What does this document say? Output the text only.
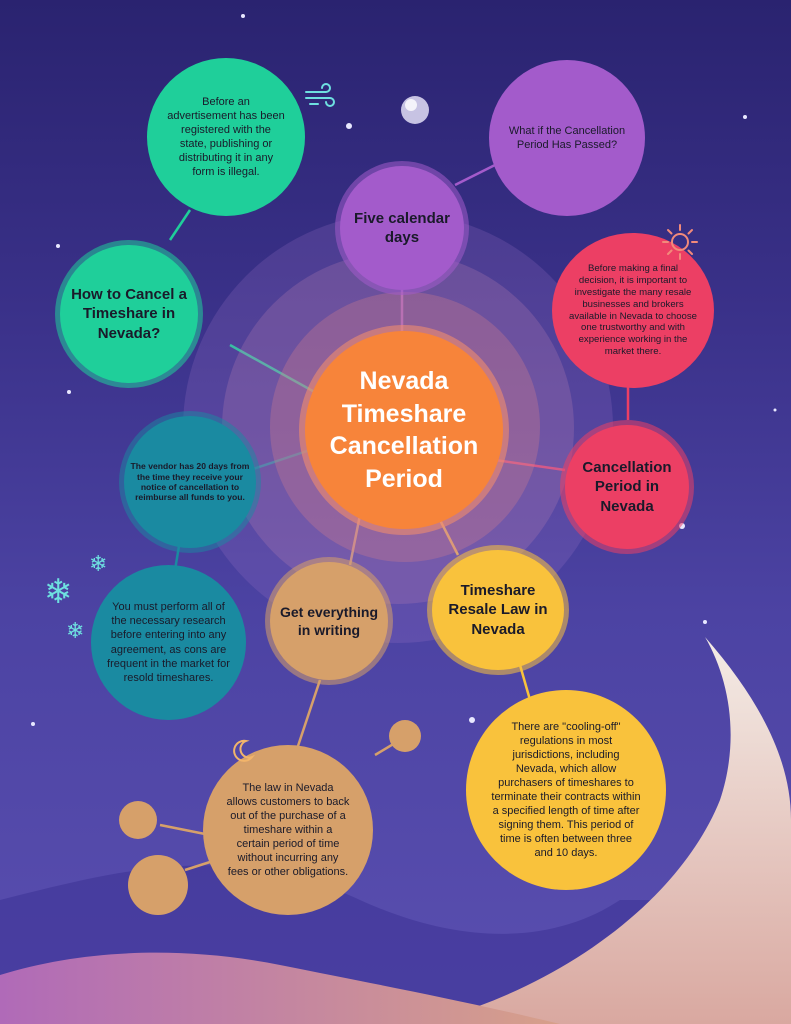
Nevada Timeshare Cancellation Period
Before an advertisement has been registered with the state, publishing or distributing it in any form is illegal.
How to Cancel a Timeshare in Nevada?
What if the Cancellation Period Has Passed?
Five calendar days
Before making a final decision, it is important to investigate the many resale businesses and brokers available in Nevada to choose one trustworthy and with experience working in the market there.
Cancellation Period in Nevada
The vendor has 20 days from the time they receive your notice of cancellation to reimburse all funds to you.
You must perform all of the necessary research before entering into any agreement, as cons are frequent in the market for resold timeshares.
Get everything in writing
Timeshare Resale Law in Nevada
There are "cooling-off" regulations in most jurisdictions, including Nevada, which allow purchasers of timeshares to terminate their contracts within a specified length of time after signing them. This period of time is often between three and 10 days.
The law in Nevada allows customers to back out of the purchase of a timeshare within a certain period of time without incurring any fees or other obligations.
❄
❄
❄
